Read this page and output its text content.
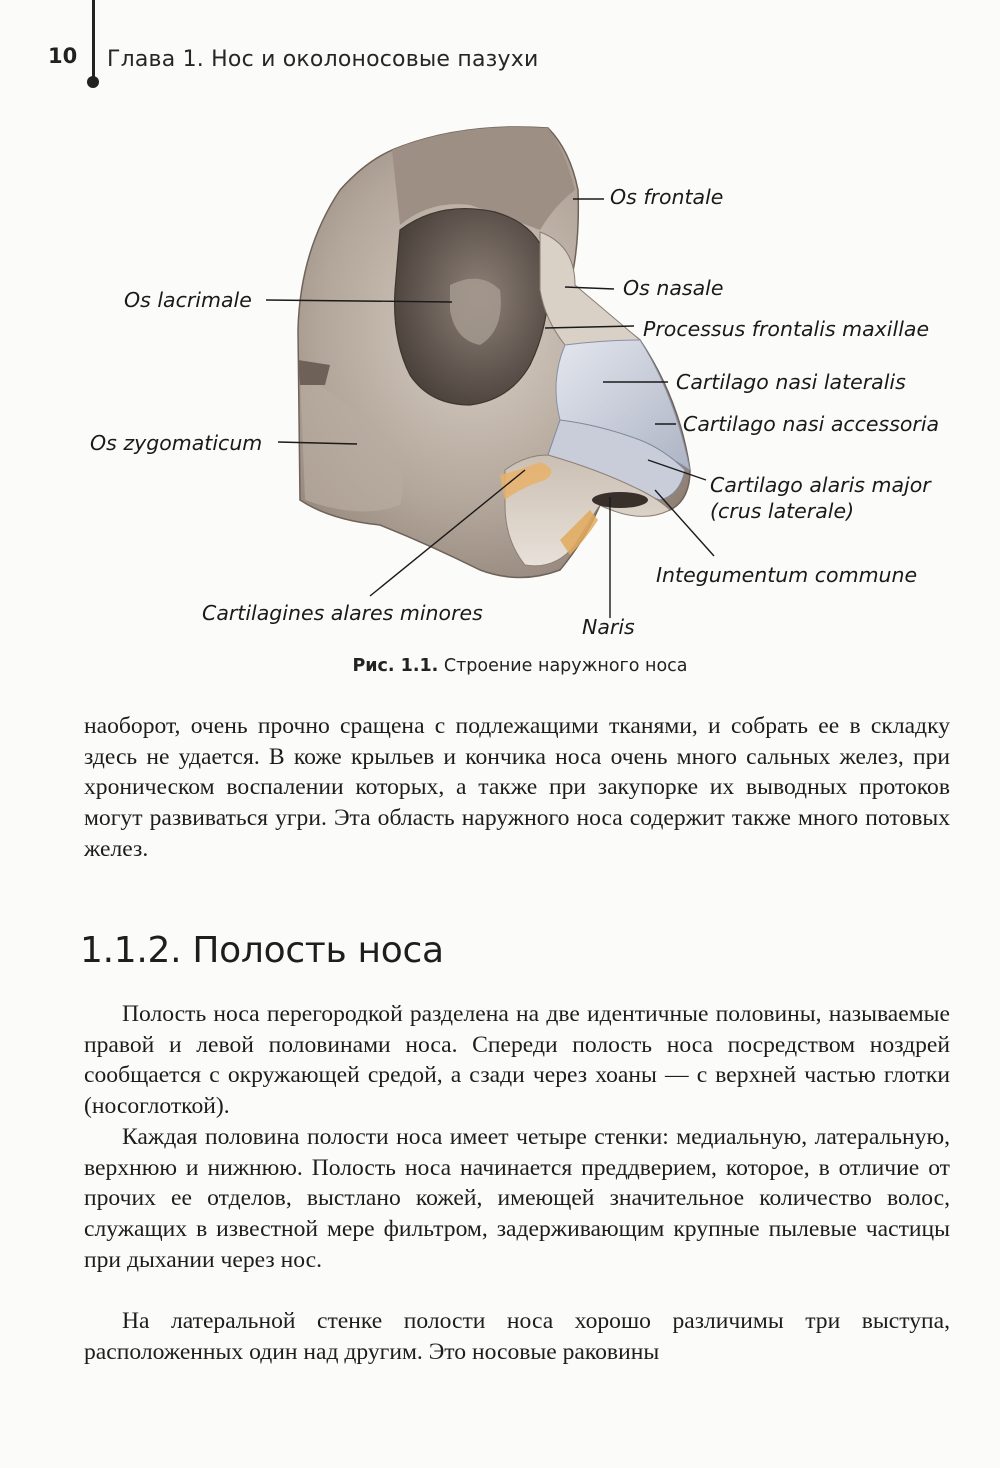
10 Глава 1. Нос и околоносовые пазухи
Os frontale
Os nasale
Processus frontalis maxillae
Cartilago nasi lateralis
Cartilago nasi accessoria
Cartilago alaris major
(crus laterale)
Integumentum commune
Naris
Cartilagines alares minores
Os zygomaticum
Os lacrimale
Рис. 1.1. Строение наружного носа

наоборот, очень прочно сращена с подлежащими тканями, и собрать ее в складку здесь не удается. В коже крыльев и кончика носа очень много сальных желез, при хроническом воспалении которых, а также при закупорке их выводных протоков могут развиваться угри. Эта область наружного носа содержит также много потовых желез.

1.1.2. Полость носа

Полость носа перегородкой разделена на две идентичные половины, называемые правой и левой половинами носа. Спереди полость носа посредством ноздрей сообщается с окружающей средой, а сзади через хоаны — с верхней частью глотки (носоглоткой).

Каждая половина полости носа имеет четыре стенки: медиальную, латеральную, верхнюю и нижнюю. Полость носа начинается преддверием, которое, в отличие от прочих ее отделов, выстлано кожей, имеющей значительное количество волос, служащих в известной мере фильтром, задерживающим крупные пылевые частицы при дыхании через нос.

На латеральной стенке полости носа хорошо различимы три выступа, расположенных один над другим. Это носовые раковины
